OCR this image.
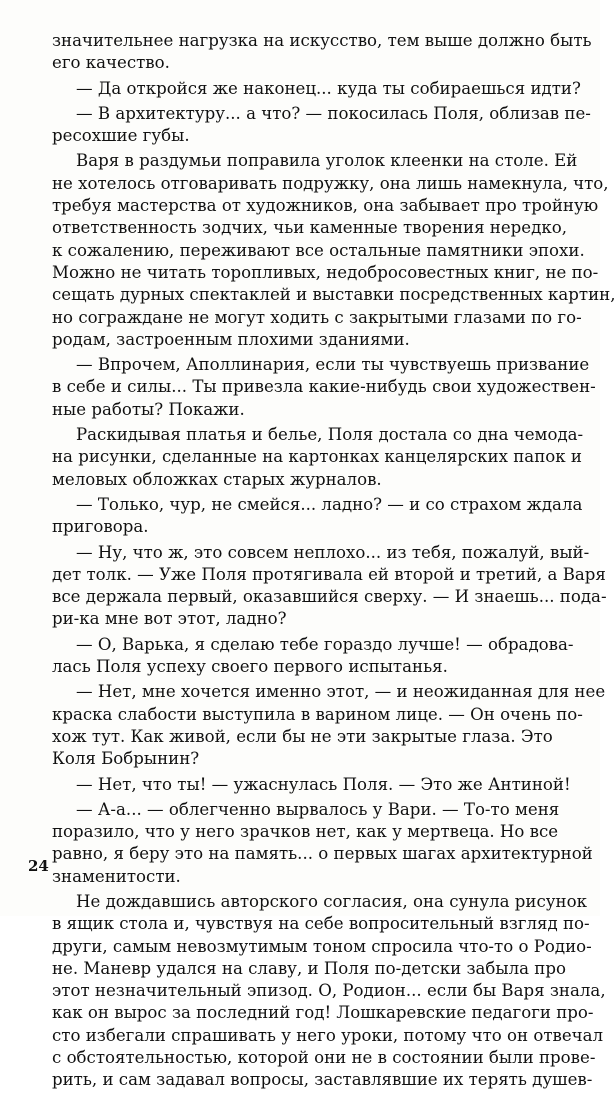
значительнее нагрузка на искусство, тем выше должно быть
его качество.
— Да откройся же наконец... куда ты собираешься идти?
— В архитектуру... а что? — покосилась Поля, облизав пе-
ресохшие губы.
Варя в раздумьи поправила уголок клеенки на столе. Ей
не хотелось отговаривать подружку, она лишь намекнула, что,
требуя мастерства от художников, она забывает про тройную
ответственность зодчих, чьи каменные творения нередко,
к сожалению, переживают все остальные памятники эпохи.
Можно не читать торопливых, недобросовестных книг, не по-
сещать дурных спектаклей и выставки посредственных картин,
но согражданe не могут ходить с закрытыми глазами по го-
родам, застроенным плохими зданиями.
— Впрочем, Аполлинария, если ты чувствуешь призвание
в себе и силы... Ты привезла какие-нибудь свои художествен-
ные работы? Покажи.
Раскидывая платья и белье, Поля достала со дна чемода-
на рисунки, сделанные на картонках канцелярских папок и
меловых обложках старых журналов.
— Только, чур, не смейся... ладно? — и со страхом ждала
приговора.
— Ну, что ж, это совсем неплохо... из тебя, пожалуй, вый-
дет толк. — Уже Поля протягивала ей второй и третий, а Варя
все держала первый, оказавшийся сверху. — И знаешь... пода-
ри-ка мне вот этот, ладно?
— О, Варька, я сделаю тебе гораздо лучше! — обрадова-
лась Поля успеху своего первого испытанья.
— Нет, мне хочется именно этот, — и неожиданная для нее
краска слабости выступила в варином лице. — Он очень по-
хож тут. Как живой, если бы не эти закрытые глаза. Это
Коля Бобрынин?
— Нет, что ты! — ужаснулась Поля. — Это же Антиной!
— А-а... — облегченно вырвалось у Вари. — То-то меня
поразило, что у него зрачков нет, как у мертвеца. Но все
равно, я беру это на память... о первых шагах архитектурной
знаменитости.
Не дождавшись авторского согласия, она сунула рисунок
в ящик стола и, чувствуя на себе вопросительный взгляд по-
други, самым невозмутимым тоном спросила что-то о Родио-
не. Маневр удался на славу, и Поля по-детски забыла про
этот незначительный эпизод. О, Родион... если бы Варя знала,
как он вырос за последний год! Лошкаревские педагоги про-
сто избегали спрашивать у него уроки, потому что он отвечал
с обстоятельностью, которой они не в состоянии были прове-
рить, и сам задавал вопросы, заставлявшие их терять душев-
24
